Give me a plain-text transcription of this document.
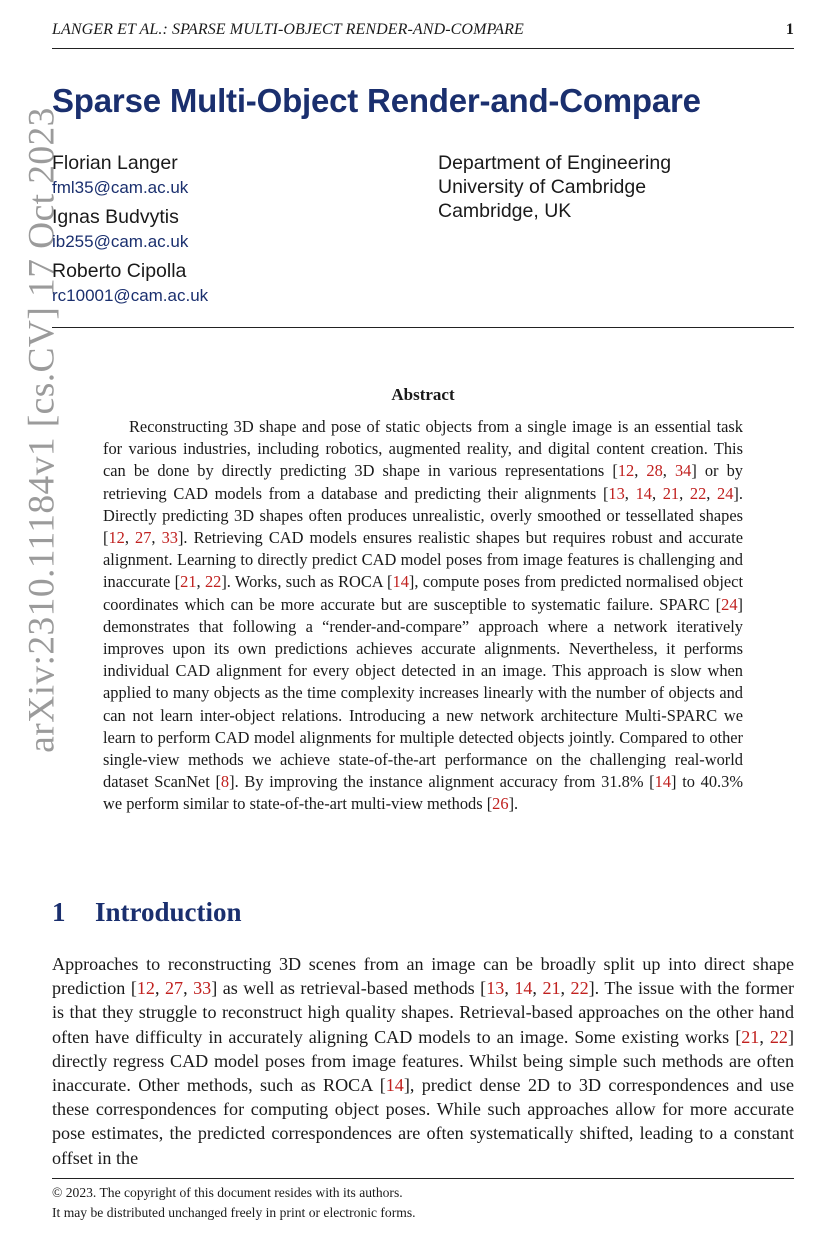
LANGER ET AL.: SPARSE MULTI-OBJECT RENDER-AND-COMPARE	1
arXiv:2310.11184v1 [cs.CV] 17 Oct 2023
Sparse Multi-Object Render-and-Compare
Florian Langer
fml35@cam.ac.uk
Ignas Budvytis
ib255@cam.ac.uk
Roberto Cipolla
rc10001@cam.ac.uk
Department of Engineering
University of Cambridge
Cambridge, UK
Abstract

Reconstructing 3D shape and pose of static objects from a single image is an essential task for various industries, including robotics, augmented reality, and digital content creation. This can be done by directly predicting 3D shape in various representations [12, 28, 34] or by retrieving CAD models from a database and predicting their alignments [13, 14, 21, 22, 24]. Directly predicting 3D shapes often produces unrealistic, overly smoothed or tessellated shapes [12, 27, 33]. Retrieving CAD models ensures realistic shapes but requires robust and accurate alignment. Learning to directly predict CAD model poses from image features is challenging and inaccurate [21, 22]. Works, such as ROCA [14], compute poses from predicted normalised object coordinates which can be more accurate but are susceptible to systematic failure. SPARC [24] demonstrates that following a “render-and-compare” approach where a network iteratively improves upon its own predictions achieves accurate alignments. Nevertheless, it performs individual CAD alignment for every object detected in an image. This approach is slow when applied to many objects as the time complexity increases linearly with the number of objects and can not learn inter-object relations. Introducing a new network architecture Multi-SPARC we learn to perform CAD model alignments for multiple detected objects jointly. Compared to other single-view methods we achieve state-of-the-art performance on the challenging real-world dataset ScanNet [8]. By improving the instance alignment accuracy from 31.8% [14] to 40.3% we perform similar to state-of-the-art multi-view methods [26].

1 Introduction

Approaches to reconstructing 3D scenes from an image can be broadly split up into direct shape prediction [12, 27, 33] as well as retrieval-based methods [13, 14, 21, 22]. The issue with the former is that they struggle to reconstruct high quality shapes. Retrieval-based approaches on the other hand often have difficulty in accurately aligning CAD models to an image. Some existing works [21, 22] directly regress CAD model poses from image features. Whilst being simple such methods are often inaccurate. Other methods, such as ROCA [14], predict dense 2D to 3D correspondences and use these correspondences for computing object poses. While such approaches allow for more accurate pose estimates, the predicted correspondences are often systematically shifted, leading to a constant offset in the

© 2023. The copyright of this document resides with its authors.
It may be distributed unchanged freely in print or electronic forms.
